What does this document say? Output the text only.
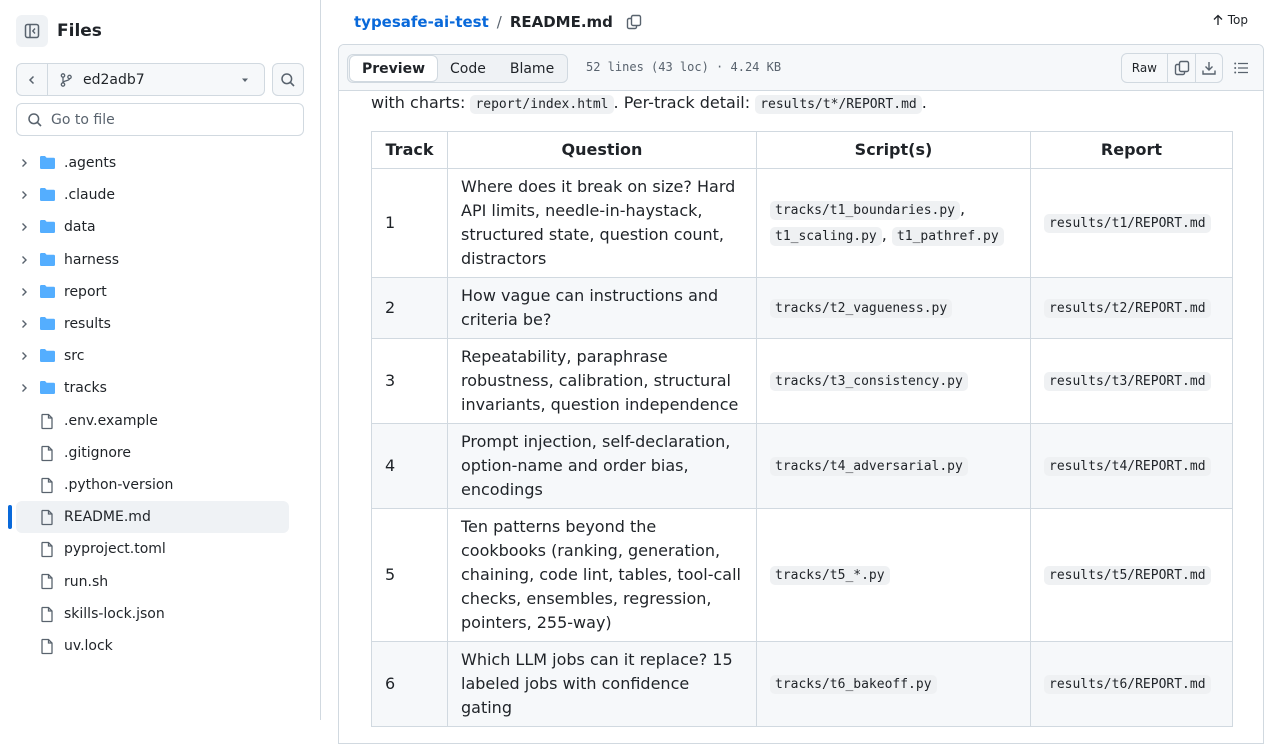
Files
ed2adb7
Go to file
.agents
.claude
data
harness
report
results
src
tracks
.env.example
.gitignore
.python-version
README.md
pyproject.toml
run.sh
skills-lock.json
uv.lock
typesafe-ai-test / README.md	Top
Preview	Code	Blame	52 lines (43 loc) · 4.24 KB	Raw
with charts: report/index.html . Per-track detail: results/t*/REPORT.md .
Track	Question	Script(s)	Report
1	Where does it break on size? Hard API limits, needle-in-haystack, structured state, question count, distractors	tracks/t1_boundaries.py , t1_scaling.py , t1_pathref.py	results/t1/REPORT.md
2	How vague can instructions and criteria be?	tracks/t2_vagueness.py	results/t2/REPORT.md
3	Repeatability, paraphrase robustness, calibration, structural invariants, question independence	tracks/t3_consistency.py	results/t3/REPORT.md
4	Prompt injection, self-declaration, option-name and order bias, encodings	tracks/t4_adversarial.py	results/t4/REPORT.md
5	Ten patterns beyond the cookbooks (ranking, generation, chaining, code lint, tables, tool-call checks, ensembles, regression, pointers, 255-way)	tracks/t5_*.py	results/t5/REPORT.md
6	Which LLM jobs can it replace? 15 labeled jobs with confidence gating	tracks/t6_bakeoff.py	results/t6/REPORT.md
